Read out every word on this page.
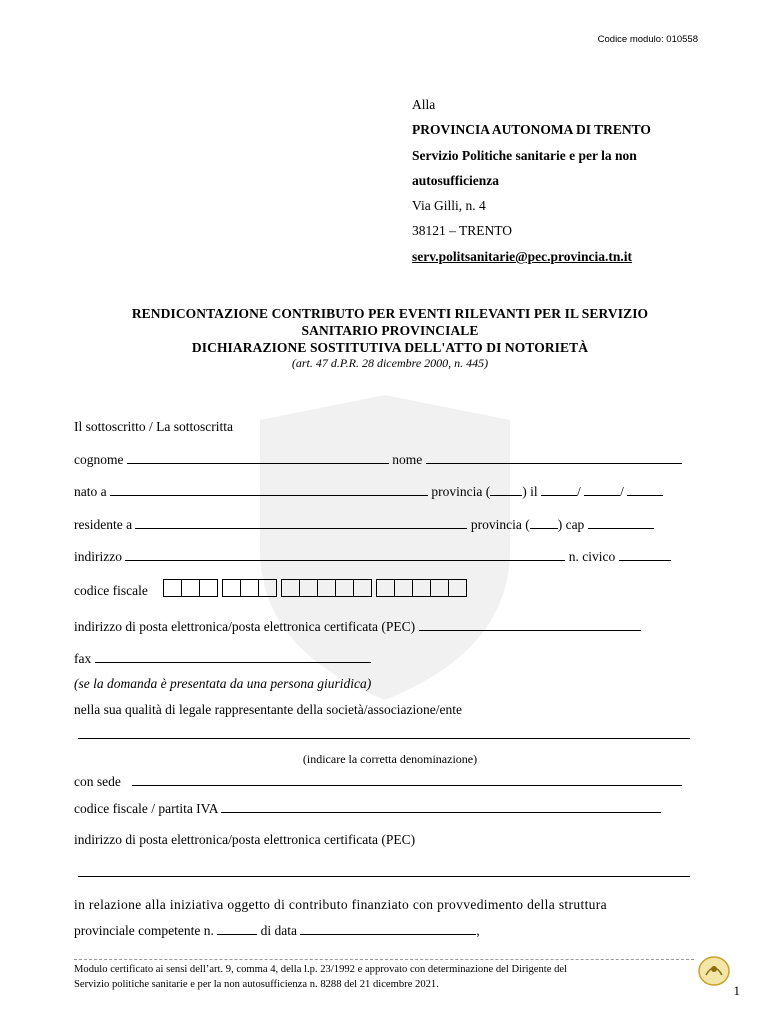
Codice modulo: 010558
Alla
PROVINCIA AUTONOMA DI TRENTO
Servizio Politiche sanitarie e per la non
autosufficienza
Via Gilli, n. 4
38121 – TRENTO
serv.politsanitarie@pec.provincia.tn.it
RENDICONTAZIONE CONTRIBUTO PER EVENTI RILEVANTI PER IL SERVIZIO
SANITARIO PROVINCIALE
DICHIARAZIONE SOSTITUTIVA DELL'ATTO DI NOTORIETÀ
(art. 47 d.P.R. 28 dicembre 2000, n. 445)
Il sottoscritto / La sottoscritta
cognome	nome
nato a	provincia ( ) il	/	/
residente a	provincia ( ) cap
indirizzo	n. civico
codice fiscale
indirizzo di posta elettronica/posta elettronica certificata (PEC)
fax
(se la domanda è presentata da una persona giuridica)
nella sua qualità di legale rappresentante della società/associazione/ente
(indicare la corretta denominazione)
con sede
codice fiscale / partita IVA
indirizzo di posta elettronica/posta elettronica certificata (PEC)
in relazione alla iniziativa oggetto di contributo finanziato con provvedimento della struttura
provinciale competente n.	di data	,
Modulo certificato ai sensi dell’art. 9, comma 4, della l.p. 23/1992 e approvato con determinazione del Dirigente del
Servizio politiche sanitarie e per la non autosufficienza n. 8288 del 21 dicembre 2021.	1
